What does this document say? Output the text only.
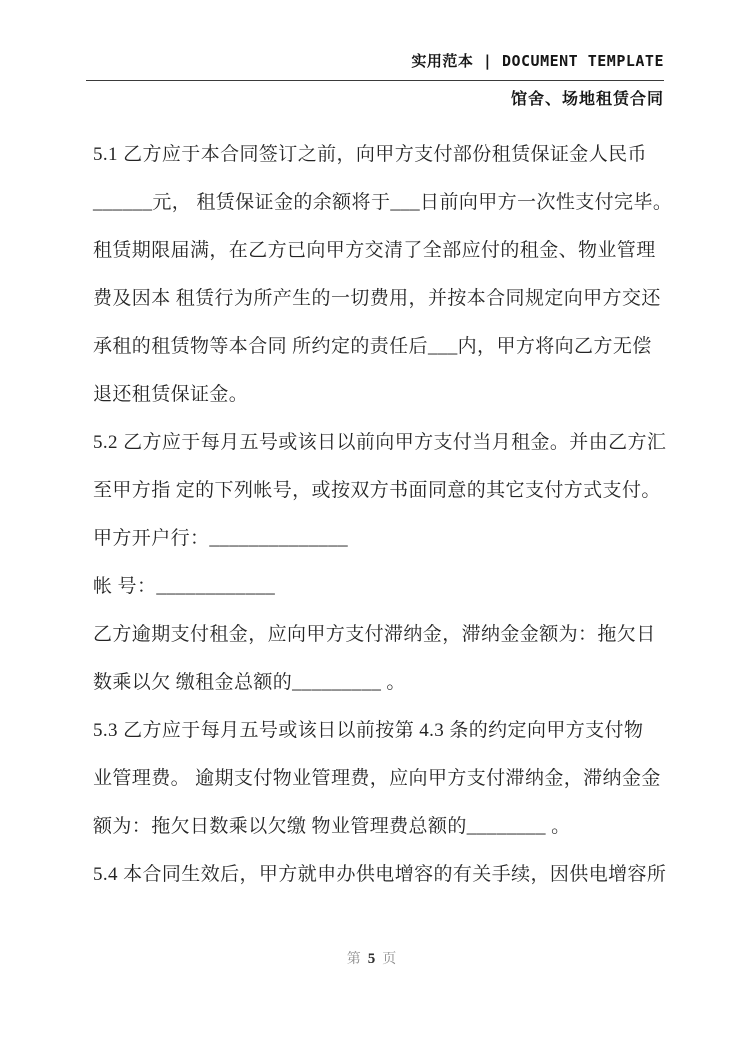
实用范本 | DOCUMENT TEMPLATE
馆舍、场地租赁合同
5.1 乙方应于本合同签订之前，向甲方支付部份租赁保证金人民币
______元， 租赁保证金的余额将于___日前向甲方一次性支付完毕。
租赁期限届满，在乙方已向甲方交清了全部应付的租金、物业管理
费及因本 租赁行为所产生的一切费用，并按本合同规定向甲方交还
承租的租赁物等本合同 所约定的责任后___内，甲方将向乙方无偿
退还租赁保证金。
5.2 乙方应于每月五号或该日以前向甲方支付当月租金。并由乙方汇
至甲方指 定的下列帐号，或按双方书面同意的其它支付方式支付。
甲方开户行：______________
帐 号：____________
乙方逾期支付租金，应向甲方支付滞纳金，滞纳金金额为：拖欠日
数乘以欠 缴租金总额的_________ 。
5.3 乙方应于每月五号或该日以前按第 4.3 条的约定向甲方支付物
业管理费。 逾期支付物业管理费，应向甲方支付滞纳金，滞纳金金
额为：拖欠日数乘以欠缴 物业管理费总额的________ 。
5.4 本合同生效后，甲方就申办供电增容的有关手续，因供电增容所
第 5 页
